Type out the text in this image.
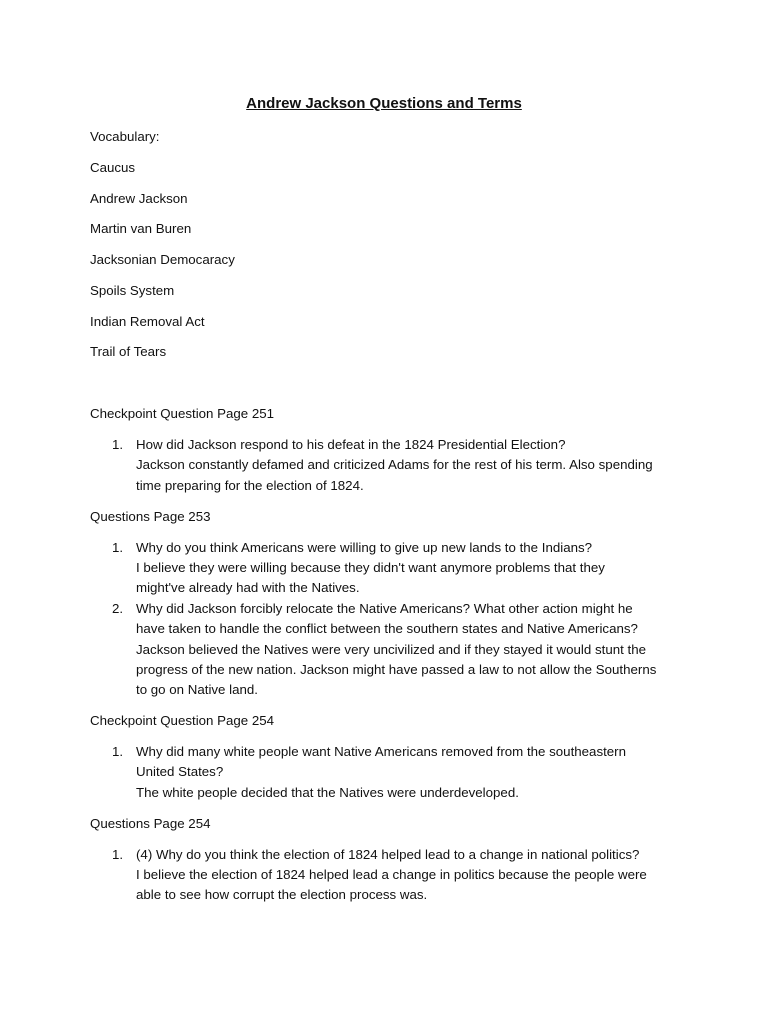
Andrew Jackson Questions and Terms
Vocabulary:
Caucus
Andrew Jackson
Martin van Buren
Jacksonian Democaracy
Spoils System
Indian Removal Act
Trail of Tears
Checkpoint Question Page 251
1. How did Jackson respond to his defeat in the 1824 Presidential Election?
Jackson constantly defamed and criticized Adams for the rest of his term. Also spending
time preparing for the election of 1824.
Questions Page 253
1. Why do you think Americans were willing to give up new lands to the Indians?
I believe they were willing because they didn't want anymore problems that they
might've already had with the Natives.
2. Why did Jackson forcibly relocate the Native Americans? What other action might he
have taken to handle the conflict between the southern states and Native Americans?
Jackson believed the Natives were very uncivilized and if they stayed it would stunt the
progress of the new nation. Jackson might have passed a law to not allow the Southerns
to go on Native land.
Checkpoint Question Page 254
1. Why did many white people want Native Americans removed from the southeastern
United States?
The white people decided that the Natives were underdeveloped.
Questions Page 254
1. (4) Why do you think the election of 1824 helped lead to a change in national politics?
I believe the election of 1824 helped lead a change in politics because the people were
able to see how corrupt the election process was.
